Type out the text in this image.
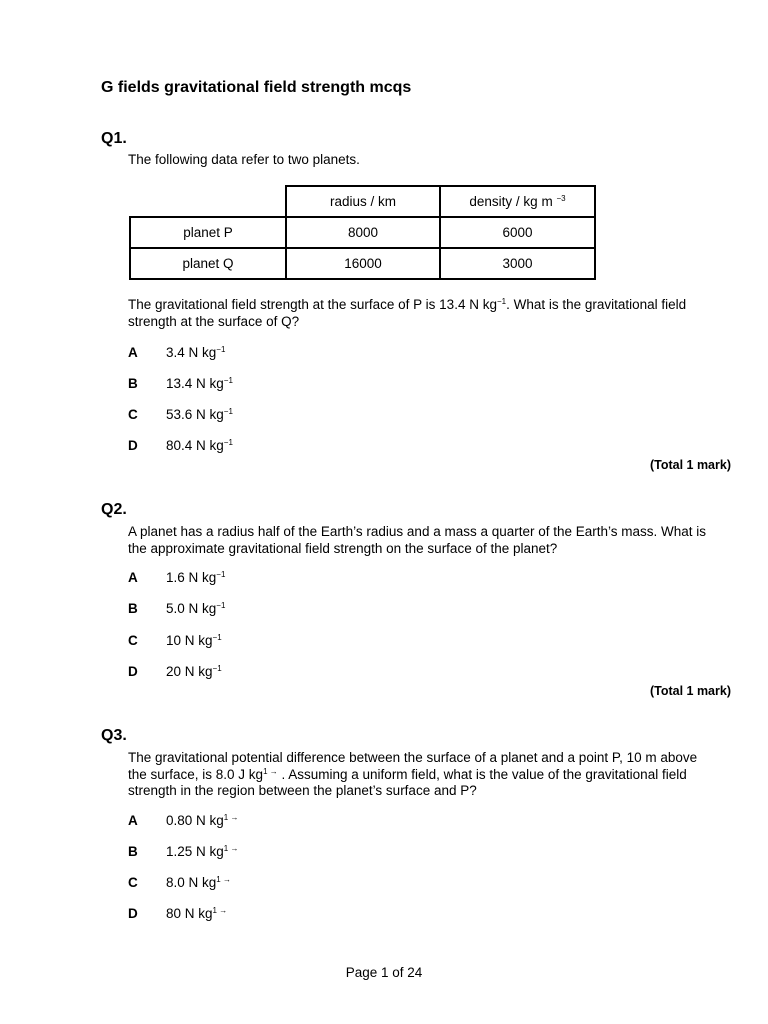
G fields gravitational field strength mcqs
Q1.
The following data refer to two planets.
	radius / km	density / kg m $^{-3}$
planet P	8000	6000
planet Q	16000	3000
The gravitational field strength at the surface of P is 13.4 N $kg^{-1}$. What is the gravitational field strength at the surface of Q?
A 3.4 N $kg^{-1}$
B 13.4 N $kg^{-1}$
C 53.6 N $kg^{-1}$
D 80.4 N $kg^{-1}$
(Total 1 mark)
Q2.
A planet has a radius half of the Earth’s radius and a mass a quarter of the Earth’s mass. What is the approximate gravitational field strength on the surface of the planet?
A 1.6 N $kg^{-1}$
B 5.0 N $kg^{-1}$
C 10 N $kg^{-1}$
D 20 N $kg^{-1}$
(Total 1 mark)
Q3.
The gravitational potential difference between the surface of a planet and a point P, 10 m above the surface, is 8.0 J $kg^{1 \to}$ . Assuming a uniform field, what is the value of the gravitational field strength in the region between the planet’s surface and P?
A 0.80 N $kg^{1 \to}$
B 1.25 N $kg^{1 \to}$
C 8.0 N $kg^{1 \to}$
D 80 N $kg^{1 \to}$
Page 1 of 24
